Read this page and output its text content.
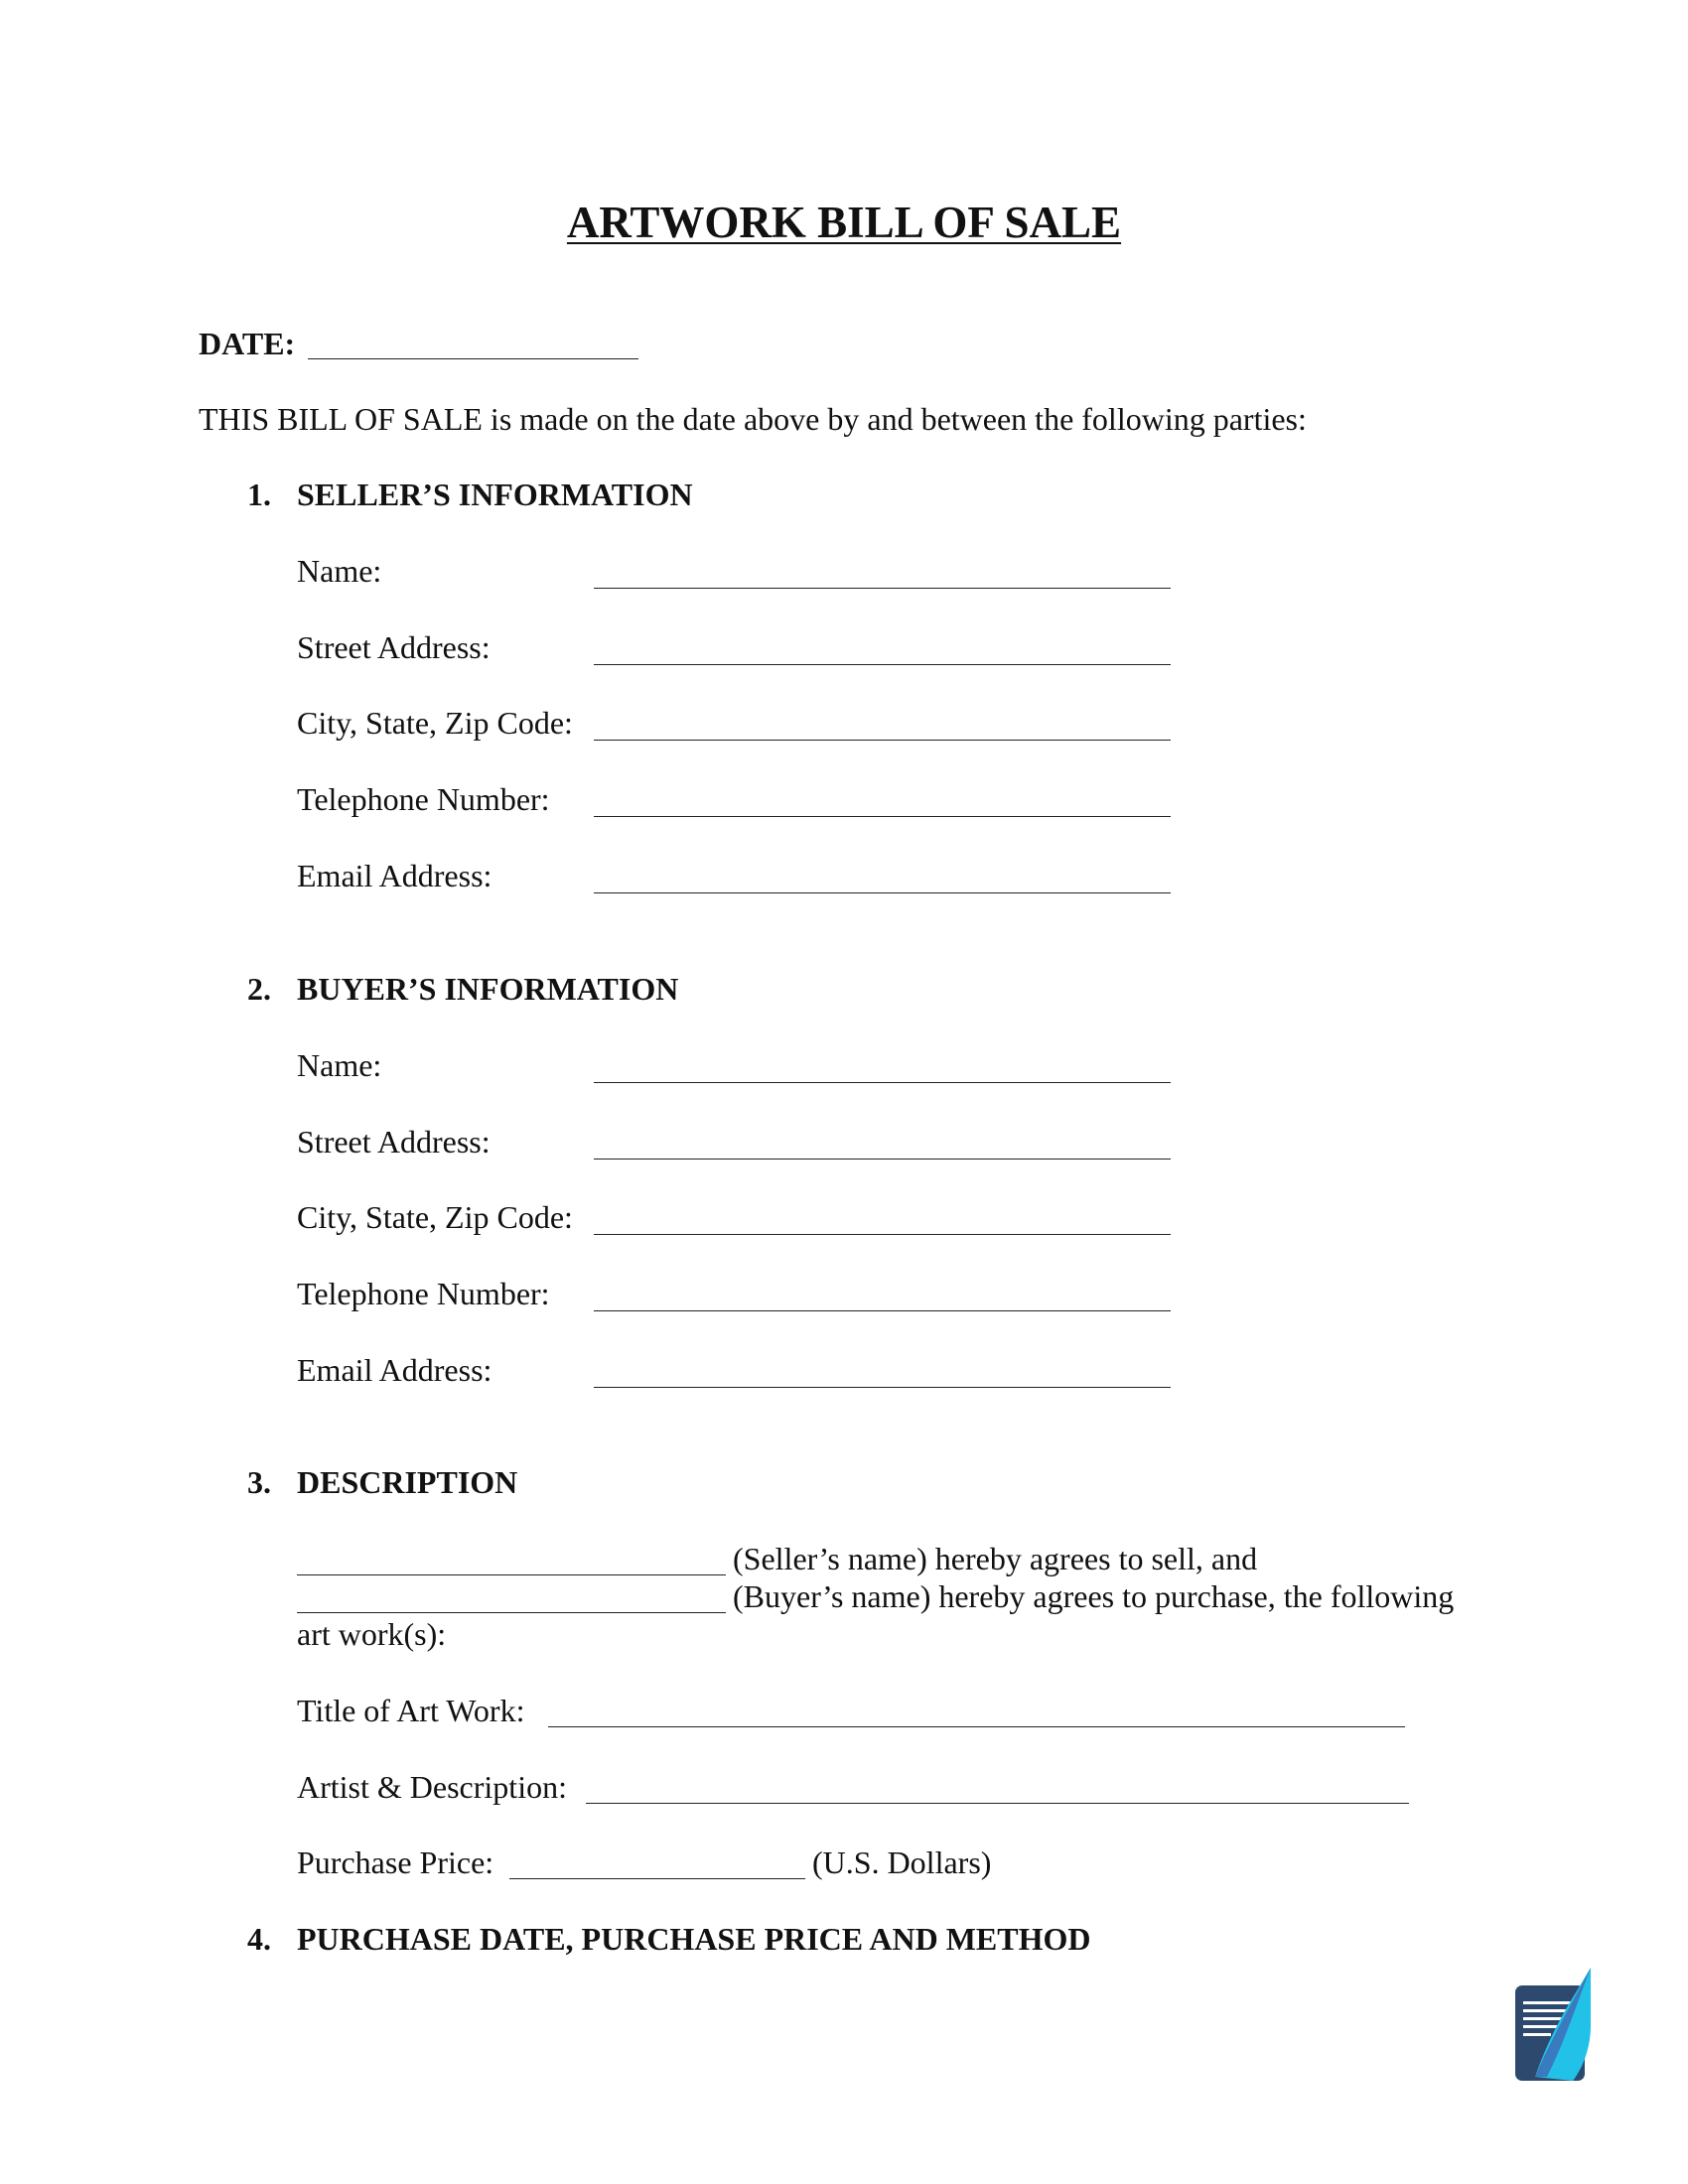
ARTWORK BILL OF SALE
DATE:
THIS BILL OF SALE is made on the date above by and between the following parties:
1. SELLER’S INFORMATION
Name:
Street Address:
City, State, Zip Code:
Telephone Number:
Email Address:
2. BUYER’S INFORMATION
Name:
Street Address:
City, State, Zip Code:
Telephone Number:
Email Address:
3. DESCRIPTION
(Seller’s name) hereby agrees to sell, and
(Buyer’s name) hereby agrees to purchase, the following
art work(s):
Title of Art Work:
Artist & Description:
Purchase Price:	(U.S. Dollars)
4. PURCHASE DATE, PURCHASE PRICE AND METHOD
